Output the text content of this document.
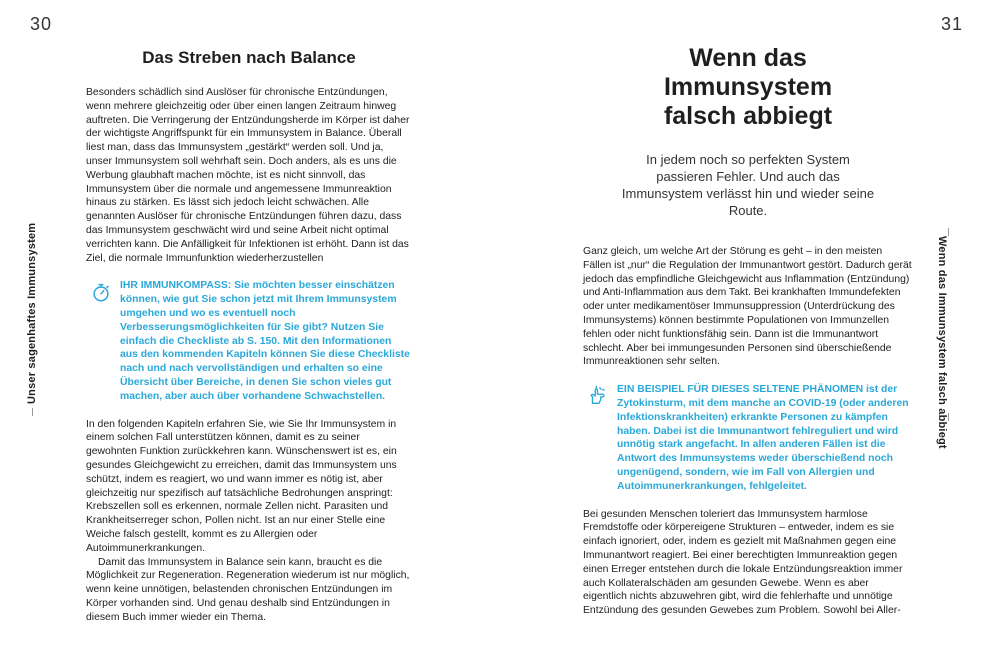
30	31
Unser sagenhaftes Immunsystem	Wenn das Immunsystem falsch abbiegt
Das Streben nach Balance

Besonders schädlich sind Auslöser für chronische Entzündungen, wenn mehrere gleichzeitig oder über einen langen Zeitraum hinweg auftreten. Die Verringerung der Entzündungsherde im Körper ist daher der wichtigste Angriffspunkt für ein Immunsystem in Balance. Überall liest man, dass das Immunsystem „gestärkt“ werden soll. Und ja, unser Immunsystem soll wehrhaft sein. Doch anders, als es uns die Werbung glaubhaft machen möchte, ist es nicht sinnvoll, das Immunsystem über die normale und angemessene Immunreaktion hinaus zu stärken. Es lässt sich jedoch leicht schwächen. Alle genannten Auslöser für chronische Entzündungen führen dazu, dass das Immunsystem geschwächt wird und seine Arbeit nicht optimal verrichten kann. Die Anfälligkeit für Infektionen ist erhöht. Dann ist das Ziel, die normale Immunfunktion wiederherzustellen

IHR IMMUNKOMPASS: Sie möchten besser einschätzen können, wie gut Sie schon jetzt mit Ihrem Immunsystem umgehen und wo es eventuell noch Verbesserungsmöglichkeiten für Sie gibt? Nutzen Sie einfach die Checkliste ab S. 150. Mit den Informationen aus den kommenden Kapiteln können Sie diese Checkliste nach und nach vervollständigen und erhalten so eine Übersicht über Bereiche, in denen Sie schon vieles gut machen, aber auch über vorhandene Schwachstellen.

In den folgenden Kapiteln erfahren Sie, wie Sie Ihr Immunsystem in einem solchen Fall unterstützen können, damit es zu seiner gewohnten Funktion zurückkehren kann. Wünschenswert ist es, ein gesundes Gleichgewicht zu erreichen, damit das Immunsystem uns schützt, indem es reagiert, wo und wann immer es nötig ist, aber gleichzeitig nur spezifisch auf tatsächliche Bedrohungen anspringt: Krebszellen soll es erkennen, normale Zellen nicht. Parasiten und Krankheitserreger schon, Pollen nicht. Ist an nur einer Stelle eine Weiche falsch gestellt, kommt es zu Allergien oder Autoimmunerkrankungen.

Damit das Immunsystem in Balance sein kann, braucht es die Möglichkeit zur Regeneration. Regeneration wiederum ist nur möglich, wenn keine unnötigen, belastenden chronischen Entzündungen im Körper vorhanden sind. Und genau deshalb sind Entzündungen in diesem Buch immer wieder ein Thema.

Wenn das
Immunsystem
falsch abbiegt
In jedem noch so perfekten System passieren Fehler. Und auch das Immunsystem verlässt hin und wieder seine Route.

Ganz gleich, um welche Art der Störung es geht – in den meisten Fällen ist „nur“ die Regulation der Immunantwort gestört. Dadurch gerät jedoch das empfindliche Gleichgewicht aus Inflammation (Entzündung) und Anti-Inflammation aus dem Takt. Bei krankhaften Immundefekten oder unter medikamentöser Immunsuppression (Unterdrückung des Immunsystems) können bestimmte Populationen von Immunzellen fehlen oder nicht funktionsfähig sein. Dann ist die Immunantwort schlecht. Aber bei immungesunden Personen sind überschießende Immunreaktionen sehr selten.

EIN BEISPIEL FÜR DIESES SELTENE PHÄNOMEN ist der Zytokinsturm, mit dem manche an COVID-19 (oder anderen Infektionskrankheiten) erkrankte Personen zu kämpfen haben. Dabei ist die Immunantwort fehlreguliert und wird unnötig stark angefacht. In allen anderen Fällen ist die Antwort des Immunsystems weder überschießend noch ungenügend, sondern, wie im Fall von Allergien und Autoimmunerkrankungen, fehlgeleitet.

Bei gesunden Menschen toleriert das Immunsystem harmlose Fremdstoffe oder körpereigene Strukturen – entweder, indem es sie einfach ignoriert, oder, indem es gezielt mit Maßnahmen gegen eine Immunantwort reagiert. Bei einer berechtigten Immunreaktion gegen einen Erreger entstehen durch die lokale Entzündungsreaktion immer auch Kollateralschäden am gesunden Gewebe. Wenn es aber eigentlich nichts abzuwehren gibt, wird die fehlerhafte und unnötige Entzündung des gesunden Gewebes zum Problem. Sowohl bei Aller-
